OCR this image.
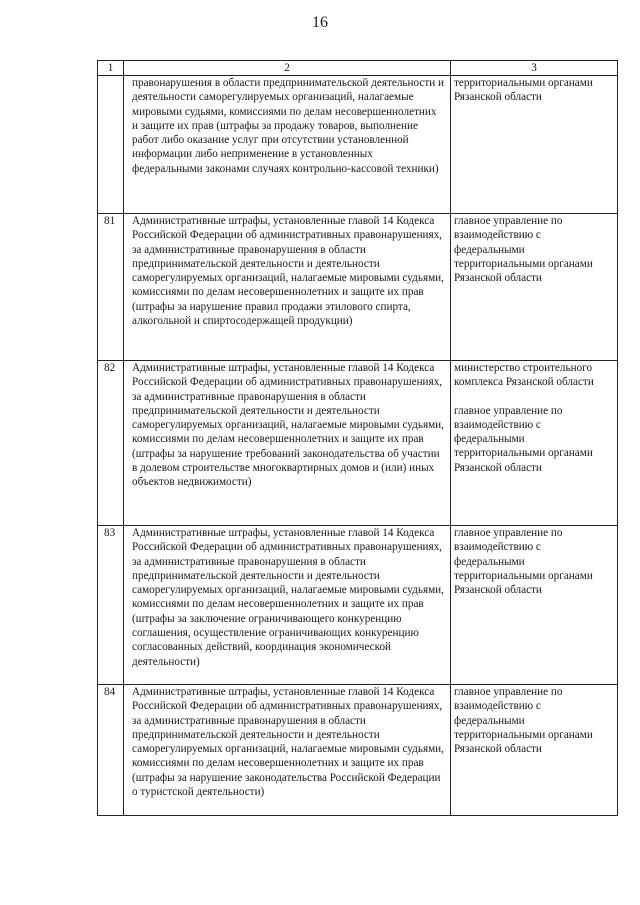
16
1	2	3
	правонарушения в области предпринимательской деятельности и деятельности саморегулируемых организаций, налагаемые мировыми судьями, комиссиями по делам несовершеннолетних и защите их прав (штрафы за продажу товаров, выполнение работ либо оказание услуг при отсутствии установленной информации либо неприменение в установленных федеральными законами случаях контрольно-кассовой техники)	территориальными органами Рязанской области

81	Административные штрафы, установленные главой 14 Кодекса Российской Федерации об административных правонарушениях, за административные правонарушения в области предпринимательской деятельности и деятельности саморегулируемых организаций, налагаемые мировыми судьями, комиссиями по делам несовершеннолетних и защите их прав (штрафы за нарушение правил продажи этилового спирта, алкогольной и спиртосодержащей продукции)	главное управление по взаимодействию с федеральными территориальными органами Рязанской области

82	Административные штрафы, установленные главой 14 Кодекса Российской Федерации об административных правонарушениях, за административные правонарушения в области предпринимательской деятельности и деятельности саморегулируемых организаций, налагаемые мировыми судьями, комиссиями по делам несовершеннолетних и защите их прав (штрафы за нарушение требований законодательства об участии в долевом строительстве многоквартирных домов и (или) иных объектов недвижимости)	министерство строительного комплекса Рязанской области
главное управление по взаимодействию с федеральными территориальными органами Рязанской области

83	Административные штрафы, установленные главой 14 Кодекса Российской Федерации об административных правонарушениях, за административные правонарушения в области предпринимательской деятельности и деятельности саморегулируемых организаций, налагаемые мировыми судьями, комиссиями по делам несовершеннолетних и защите их прав (штрафы за заключение ограничивающего конкуренцию соглашения, осуществление ограничивающих конкуренцию согласованных действий, координация экономической деятельности)	главное управление по взаимодействию с федеральными территориальными органами Рязанской области

84	Административные штрафы, установленные главой 14 Кодекса Российской Федерации об административных правонарушениях, за административные правонарушения в области предпринимательской деятельности и деятельности саморегулируемых организаций, налагаемые мировыми судьями, комиссиями по делам несовершеннолетних и защите их прав (штрафы за нарушение законодательства Российской Федерации о туристской деятельности)	главное управление по взаимодействию с федеральными территориальными органами Рязанской области
